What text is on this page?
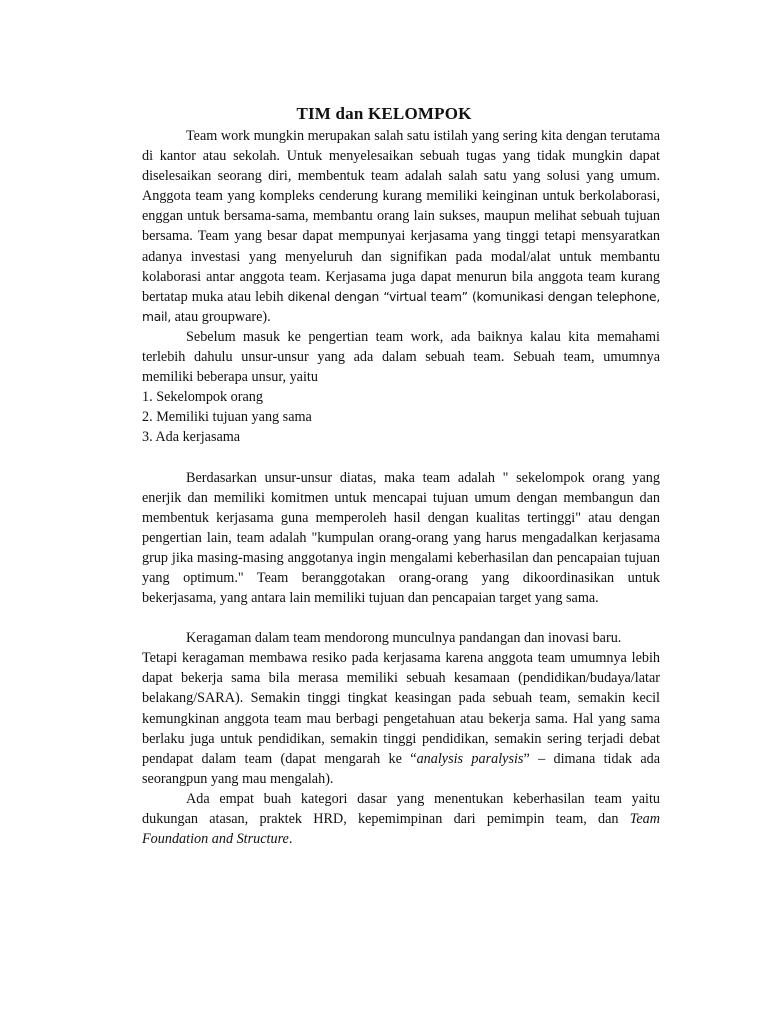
TIM dan KELOMPOK

Team work mungkin merupakan salah satu istilah yang sering kita dengan terutama di kantor atau sekolah. Untuk menyelesaikan sebuah tugas yang tidak mungkin dapat diselesaikan seorang diri, membentuk team adalah salah satu yang solusi yang umum. Anggota team yang kompleks cenderung kurang memiliki keinginan untuk berkolaborasi, enggan untuk bersama-sama, membantu orang lain sukses, maupun melihat sebuah tujuan bersama. Team yang besar dapat mempunyai kerjasama yang tinggi tetapi mensyaratkan adanya investasi yang menyeluruh dan signifikan pada modal/alat untuk membantu kolaborasi antar anggota team. Kerjasama juga dapat menurun bila anggota team kurang bertatap muka atau lebih dikenal dengan “virtual team” (komunikasi dengan telephone, mail, atau groupware).

Sebelum masuk ke pengertian team work, ada baiknya kalau kita memahami terlebih dahulu unsur-unsur yang ada dalam sebuah team. Sebuah team, umumnya memiliki beberapa unsur, yaitu

1. Sekelompok orang
2. Memiliki tujuan yang sama
3. Ada kerjasama

Berdasarkan unsur-unsur diatas, maka team adalah " sekelompok orang yang enerjik dan memiliki komitmen untuk mencapai tujuan umum dengan membangun dan membentuk kerjasama guna memperoleh hasil dengan kualitas tertinggi" atau dengan pengertian lain, team adalah "kumpulan orang-orang yang harus mengadalkan kerjasama grup jika masing-masing anggotanya ingin mengalami keberhasilan dan pencapaian tujuan yang optimum." Team beranggotakan orang-orang yang dikoordinasikan untuk bekerjasama, yang antara lain memiliki tujuan dan pencapaian target yang sama.

Keragaman dalam team mendorong munculnya pandangan dan inovasi baru.

Tetapi keragaman membawa resiko pada kerjasama karena anggota team umumnya lebih dapat bekerja sama bila merasa memiliki sebuah kesamaan (pendidikan/budaya/latar belakang/SARA). Semakin tinggi tingkat keasingan pada sebuah team, semakin kecil kemungkinan anggota team mau berbagi pengetahuan atau bekerja sama. Hal yang sama berlaku juga untuk pendidikan, semakin tinggi pendidikan, semakin sering terjadi debat pendapat dalam team (dapat mengarah ke “analysis paralysis” – dimana tidak ada seorangpun yang mau mengalah).

Ada empat buah kategori dasar yang menentukan keberhasilan team yaitu dukungan atasan, praktek HRD, kepemimpinan dari pemimpin team, dan Team Foundation and Structure.
